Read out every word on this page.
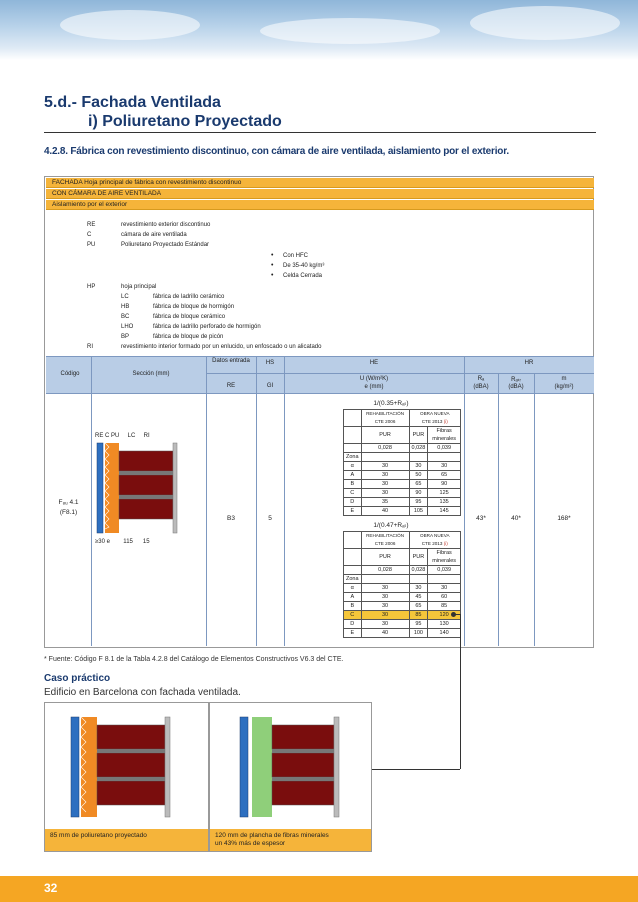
5.d.- Fachada Ventilada
i) Poliuretano Proyectado
4.2.8. Fábrica con revestimiento discontinuo, con cámara de aire ventilada, aislamiento por el exterior.
FACHADA Hoja principal de fábrica con revestimiento discontinuo
CON CÁMARA DE AIRE VENTILADA
Aislamiento por el exterior
RE	revestimiento exterior discontinuo
C	cámara de aire ventilada
PU	Poliuretano Proyectado Estándar
• Con HFC
• De 35-40 kg/m³
• Celda Cerrada
HP	hoja principal
LC	fábrica de ladrillo cerámico
HB	fábrica de bloque de hormigón
BC	fábrica de bloque cerámico
LHO	fábrica de ladrillo perforado de hormigón
BP	fábrica de bloque de picón
RI	revestimiento interior formado por un enlucido, un enfoscado o un alicatado
Código	Sección (mm)
Datos entrada	HS	HE	HR
RE	GI
U (W/m²K)
e (mm)
Rₐ
(dBA)
Rₐₜᵣ
(dBA)
m
(kg/m²)
F₈ᵤ 4.1
(F8.1)
B3	5	43*	40*	168*
RE C PU     LC     RI
≥30 e        115      15
1/(0.35+Rₐₜ)
	REHABILITACIÓN CTE 2006	OBRA NUEVA
CTE 2013 (i)	
	PUR	PUR	Fibras minerales
	0,028	0,028	0,039
Zona			
α	30	30	30
A	30	50	65
B	30	65	90
C	30	90	125
D	35	95	135
E	40	105	145
1/(0.47+Rₐₜ)
	REHABILITACIÓN CTE 2006	OBRA NUEVA
CTE 2013 (i)	
	PUR	PUR	Fibras minerales
	0,028	0,028	0,039
Zona			
α	30	30	30
A	30	45	60
B	30	65	85
C	30	85	120
D	30	95	130
E	40	100	140
* Fuente: Código F 8.1 de la Tabla 4.2.8 del Catálogo de Elementos Constructivos V6.3 del CTE.
Caso práctico
Edificio en Barcelona con fachada ventilada.
85 mm de poliuretano proyectado	120 mm de plancha de fibras minerales
un 43% más de espesor
32
